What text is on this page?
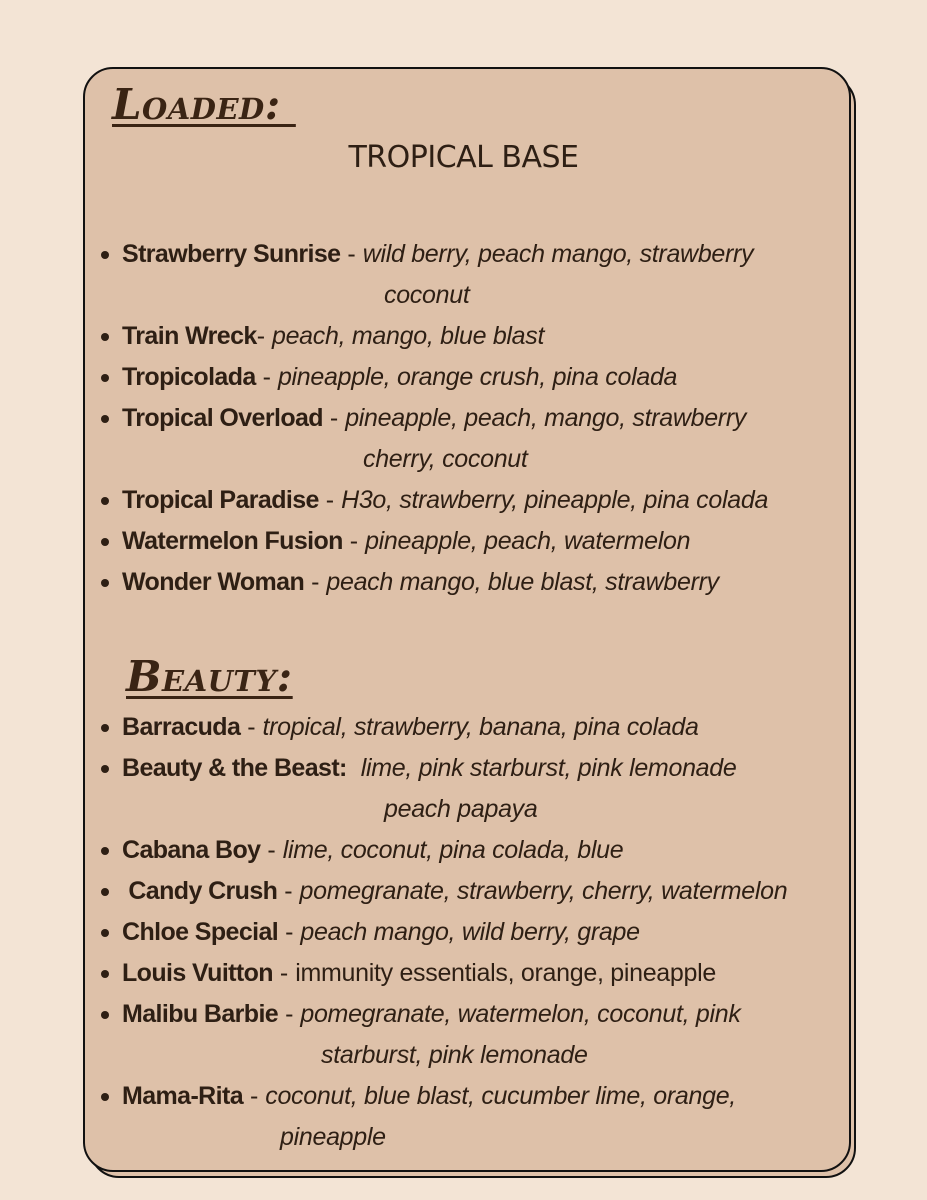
Loaded:
TROPICAL BASE
Strawberry Sunrise - wild berry, peach mango, strawberry
coconut
Train Wreck- peach, mango, blue blast
Tropicolada - pineapple, orange crush, pina colada
Tropical Overload - pineapple, peach, mango, strawberry
cherry, coconut
Tropical Paradise - H3o, strawberry, pineapple, pina colada
Watermelon Fusion - pineapple, peach, watermelon
Wonder Woman - peach mango, blue blast, strawberry
Beauty:
Barracuda - tropical, strawberry, banana, pina colada
Beauty & the Beast: lime, pink starburst, pink lemonade
peach papaya
Cabana Boy - lime, coconut, pina colada, blue
Candy Crush - pomegranate, strawberry, cherry, watermelon
Chloe Special - peach mango, wild berry, grape
Louis Vuitton - immunity essentials, orange, pineapple
Malibu Barbie - pomegranate, watermelon, coconut, pink
starburst, pink lemonade
Mama-Rita - coconut, blue blast, cucumber lime, orange,
pineapple
